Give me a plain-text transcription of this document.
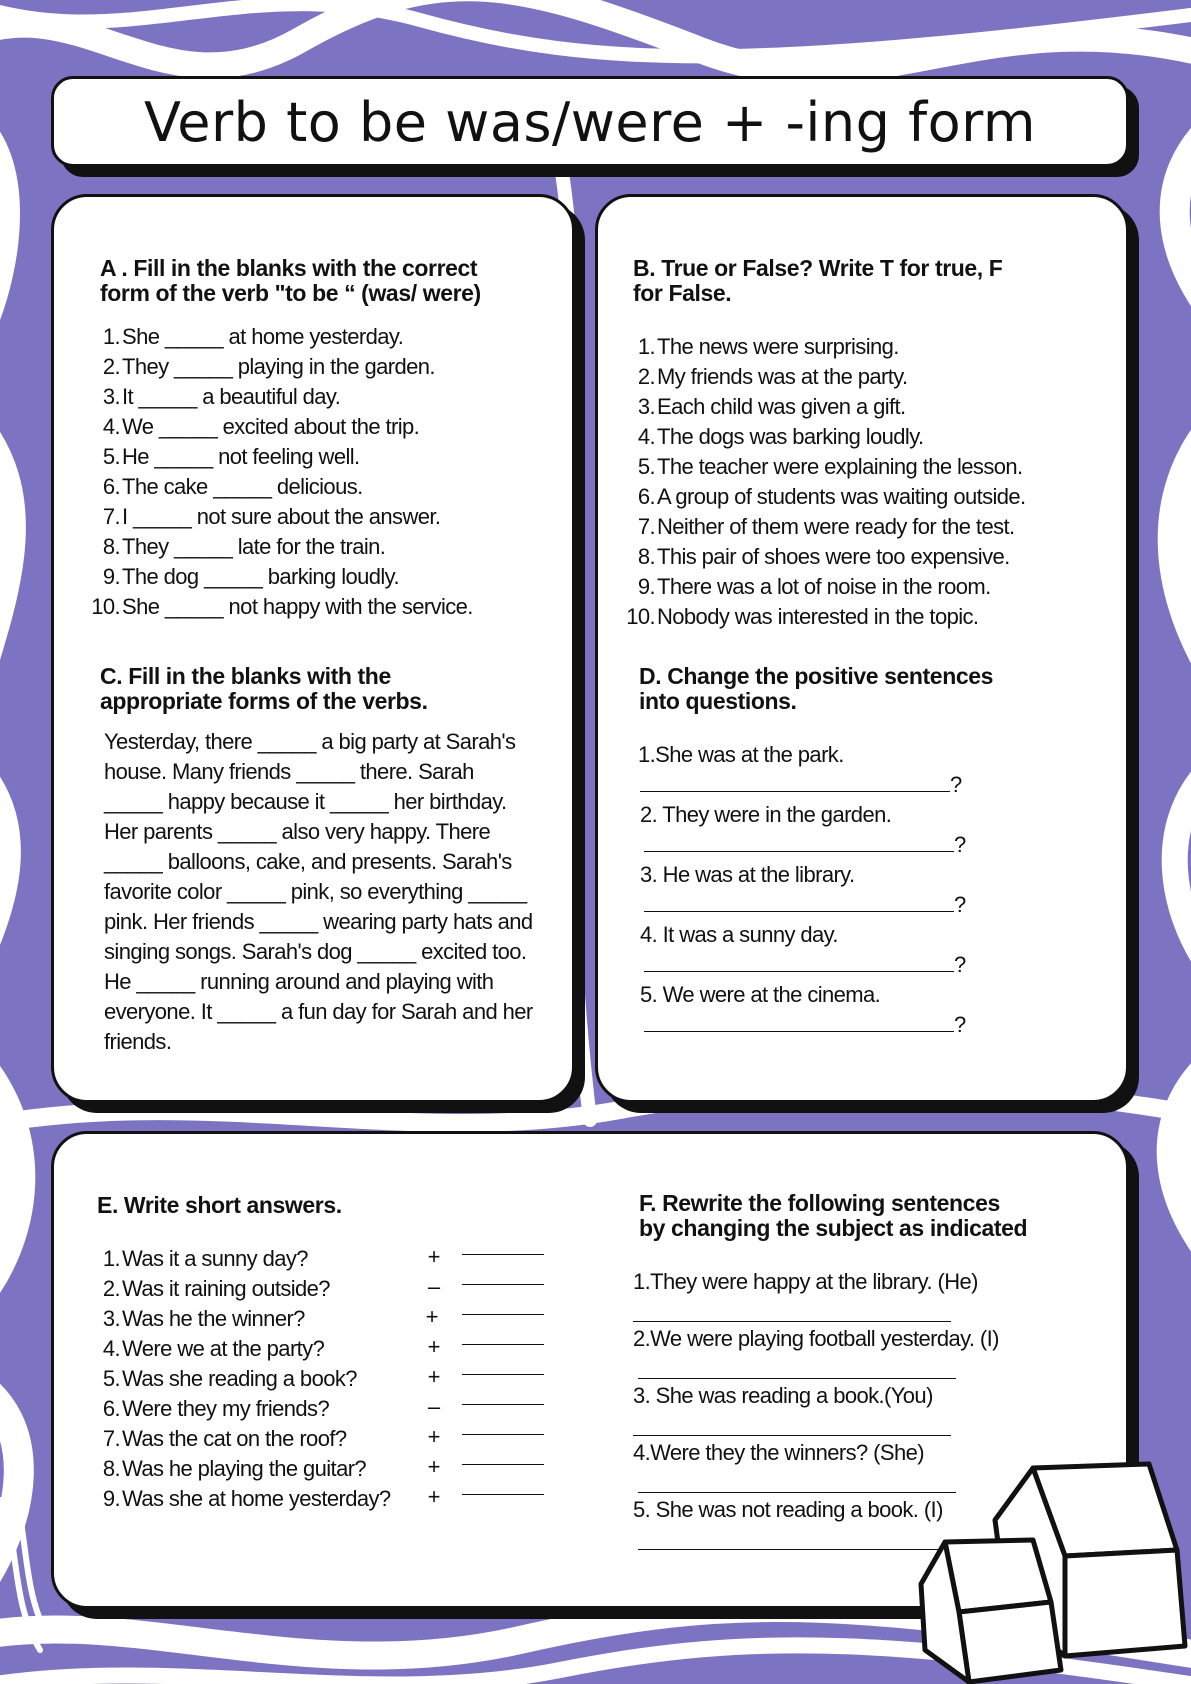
Verb to be was/were + -ing form
A . Fill in the blanks with the correct
form of the verb "to be “ (was/ were)
1.She _____ at home yesterday.
2.They _____ playing in the garden.
3.It _____ a beautiful day.
4.We _____ excited about the trip.
5.He _____ not feeling well.
6.The cake _____ delicious.
7.I _____ not sure about the answer.
8.They _____ late for the train.
9.The dog _____ barking loudly.
10.She _____ not happy with the service.
C. Fill in the blanks with the
appropriate forms of the verbs.
Yesterday, there _____ a big party at Sarah's house. Many friends _____ there. Sarah _____ happy because it _____ her birthday. Her parents _____ also very happy. There _____ balloons, cake, and presents. Sarah's favorite color _____ pink, so everything _____ pink. Her friends _____ wearing party hats and singing songs. Sarah's dog _____ excited too. He _____ running around and playing with everyone. It _____ a fun day for Sarah and her friends.
B. True or False? Write T for true, F
for False.
1.The news were surprising.
2.My friends was at the party.
3.Each child was given a gift.
4.The dogs was barking loudly.
5.The teacher were explaining the lesson.
6.A group of students was waiting outside.
7.Neither of them were ready for the test.
8.This pair of shoes were too expensive.
9.There was a lot of noise in the room.
10.Nobody was interested in the topic.
D. Change the positive sentences
into questions.
1.She was at the park.
?
2. They were in the garden.
?
3. He was at the library.
?
4. It was a sunny day.
?
5. We were at the cinema.
?
E. Write short answers.
1.Was it a sunny day?
2.Was it raining outside?
3.Was he the winner?
4.Were we at the party?
5.Was she reading a book?
6.Were they my friends?
7.Was the cat on the roof?
8.Was he playing the guitar?
9.Was she at home yesterday?
+
–
+
+
+
–
+
+
+
F. Rewrite the following sentences
by changing the subject as indicated
1.They were happy at the library. (He)
2.We were playing football yesterday. (I)
3. She was reading a book.(You)
4.Were they the winners? (She)
5. She was not reading a book. (I)
